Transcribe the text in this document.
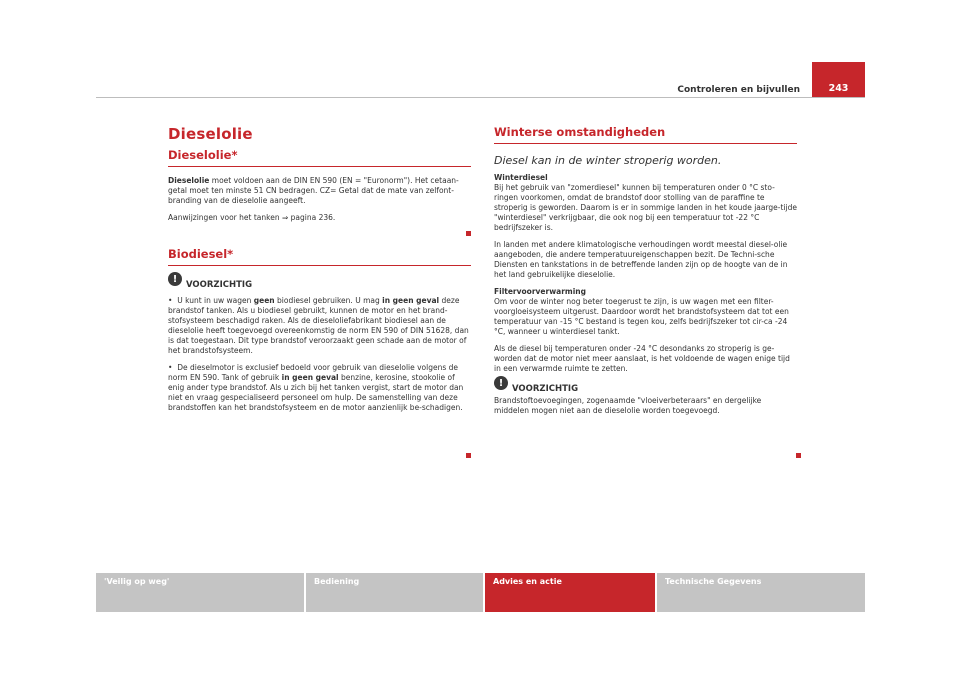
Controleren en bijvullen	243
Dieselolie
Dieselolie*

Dieselolie moet voldoen aan de DIN EN 590 (EN = "Euronorm"). Het cetaan-getal moet ten minste 51 CN bedragen. CZ= Getal dat de mate van zelfont-branding van de dieselolie aangeeft.

Aanwijzingen voor het tanken ⇒ pagina 236.

Biodiesel*
!
VOORZICHTIG

•  U kunt in uw wagen geen biodiesel gebruiken. U mag in geen geval deze brandstof tanken. Als u biodiesel gebruikt, kunnen de motor en het brand-stofsysteem beschadigd raken. Als de dieseloliefabrikant biodiesel aan de dieselolie heeft toegevoegd overeenkomstig de norm EN 590 of DIN 51628, dan is dat toegestaan. Dit type brandstof veroorzaakt geen schade aan de motor of het brandstofsysteem.

•  De dieselmotor is exclusief bedoeld voor gebruik van dieselolie volgens de norm EN 590. Tank of gebruik in geen geval benzine, kerosine, stookolie of enig ander type brandstof. Als u zich bij het tanken vergist, start de motor dan niet en vraag gespecialiseerd personeel om hulp. De samenstelling van deze brandstoffen kan het brandstofsysteem en de motor aanzienlijk be-schadigen.

Winterse omstandigheden
Diesel kan in de winter stroperig worden.

Winterdiesel

Bij het gebruik van "zomerdiesel" kunnen bij temperaturen onder 0 °C sto-ringen voorkomen, omdat de brandstof door stolling van de paraffine te stroperig is geworden. Daarom is er in sommige landen in het koude jaarge-tijde "winterdiesel" verkrijgbaar, die ook nog bij een temperatuur tot -22 °C bedrijfszeker is.

In landen met andere klimatologische verhoudingen wordt meestal diesel-olie aangeboden, die andere temperatuureigenschappen bezit. De Techni-sche Diensten en tankstations in de betreffende landen zijn op de hoogte van de in het land gebruikelijke dieselolie.

Filtervoorverwarming

Om voor de winter nog beter toegerust te zijn, is uw wagen met een filter-voorgloeisysteem uitgerust. Daardoor wordt het brandstofsysteem dat tot een temperatuur van -15 °C bestand is tegen kou, zelfs bedrijfszeker tot cir-ca -24 °C, wanneer u winterdiesel tankt.

Als de diesel bij temperaturen onder -24 °C desondanks zo stroperig is ge-worden dat de motor niet meer aanslaat, is het voldoende de wagen enige tijd in een verwarmde ruimte te zetten.

!
VOORZICHTIG

Brandstoftoevoegingen, zogenaamde "vloeiverbeteraars" en dergelijke middelen mogen niet aan de dieselolie worden toegevoegd.

'Veilig op weg'	Bediening	Advies en actie	Technische Gegevens
